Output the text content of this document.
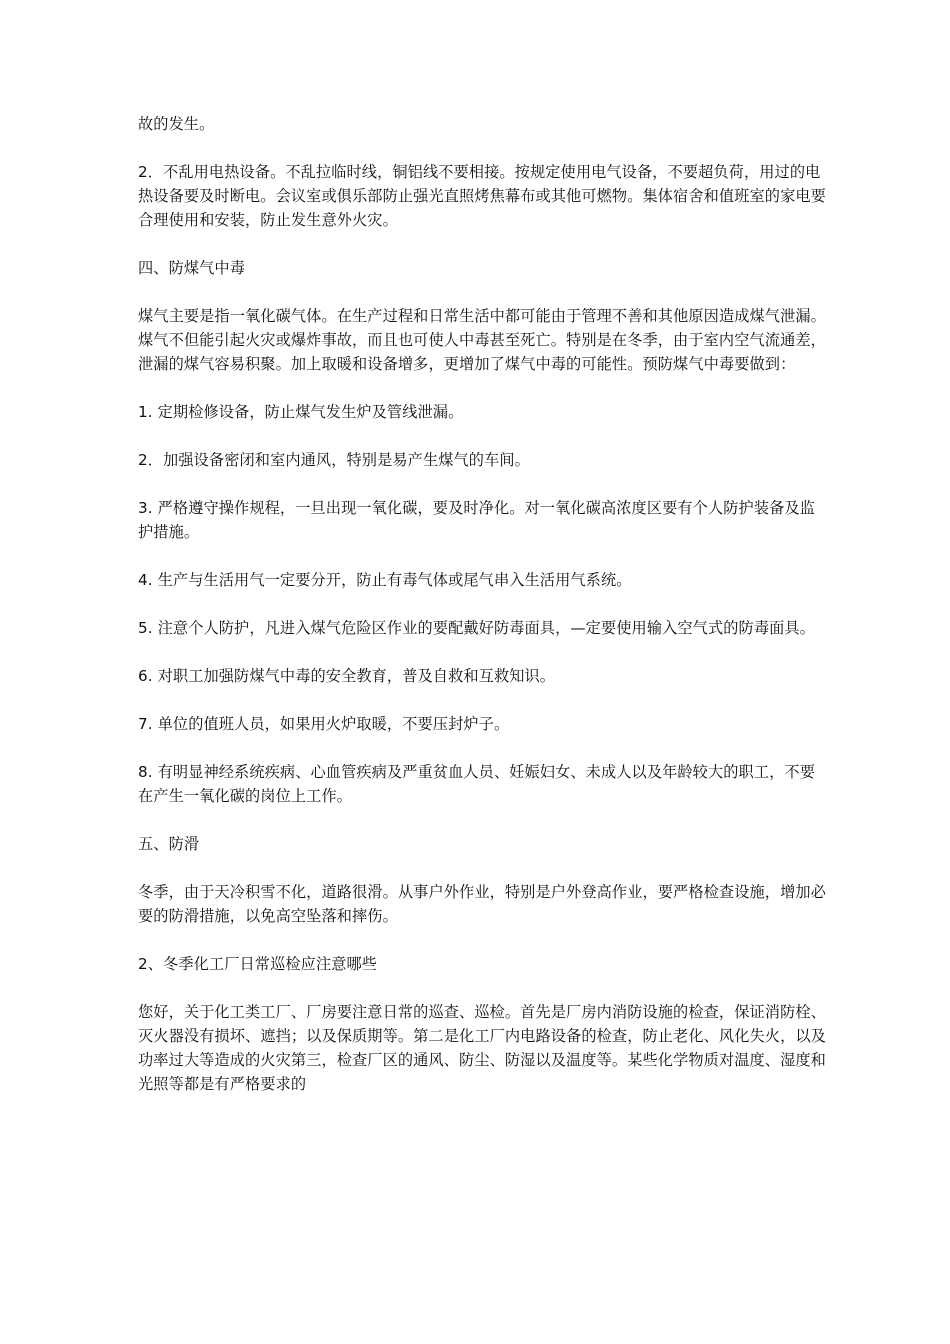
故的发生。

2．不乱用电热设备。不乱拉临时线，铜铝线不要相接。按规定使用电气设备，不要超负荷，用过的电热设备要及时断电。会议室或俱乐部防止强光直照烤焦幕布或其他可燃物。集体宿舍和值班室的家电要合理使用和安装，防止发生意外火灾。

四、防煤气中毒

煤气主要是指一氧化碳气体。在生产过程和日常生活中都可能由于管理不善和其他原因造成煤气泄漏。煤气不但能引起火灾或爆炸事故，而且也可使人中毒甚至死亡。特别是在冬季，由于室内空气流通差，泄漏的煤气容易积聚。加上取暖和设备增多，更增加了煤气中毒的可能性。预防煤气中毒要做到：

1. 定期检修设备，防止煤气发生炉及管线泄漏。

2．加强设备密闭和室内通风，特别是易产生煤气的车间。

3. 严格遵守操作规程，一旦出现一氧化碳，要及时净化。对一氧化碳高浓度区要有个人防护装备及监护措施。

4. 生产与生活用气一定要分开，防止有毒气体或尾气串入生活用气系统。

5. 注意个人防护，凡进入煤气危险区作业的要配戴好防毒面具，—定要使用输入空气式的防毒面具。

6. 对职工加强防煤气中毒的安全教育，普及自救和互救知识。

7. 单位的值班人员，如果用火炉取暖，不要压封炉子。

8. 有明显神经系统疾病、心血管疾病及严重贫血人员、妊娠妇女、未成人以及年龄较大的职工，不要在产生一氧化碳的岗位上工作。

五、防滑

冬季，由于天冷积雪不化，道路很滑。从事户外作业，特别是户外登高作业，要严格检查设施，增加必要的防滑措施，以免高空坠落和摔伤。

2、冬季化工厂日常巡检应注意哪些

您好，关于化工类工厂、厂房要注意日常的巡查、巡检。首先是厂房内消防设施的检查，保证消防栓、灭火器没有损坏、遮挡；以及保质期等。第二是化工厂内电路设备的检查，防止老化、风化失火，以及功率过大等造成的火灾第三，检查厂区的通风、防尘、防湿以及温度等。某些化学物质对温度、湿度和光照等都是有严格要求的
